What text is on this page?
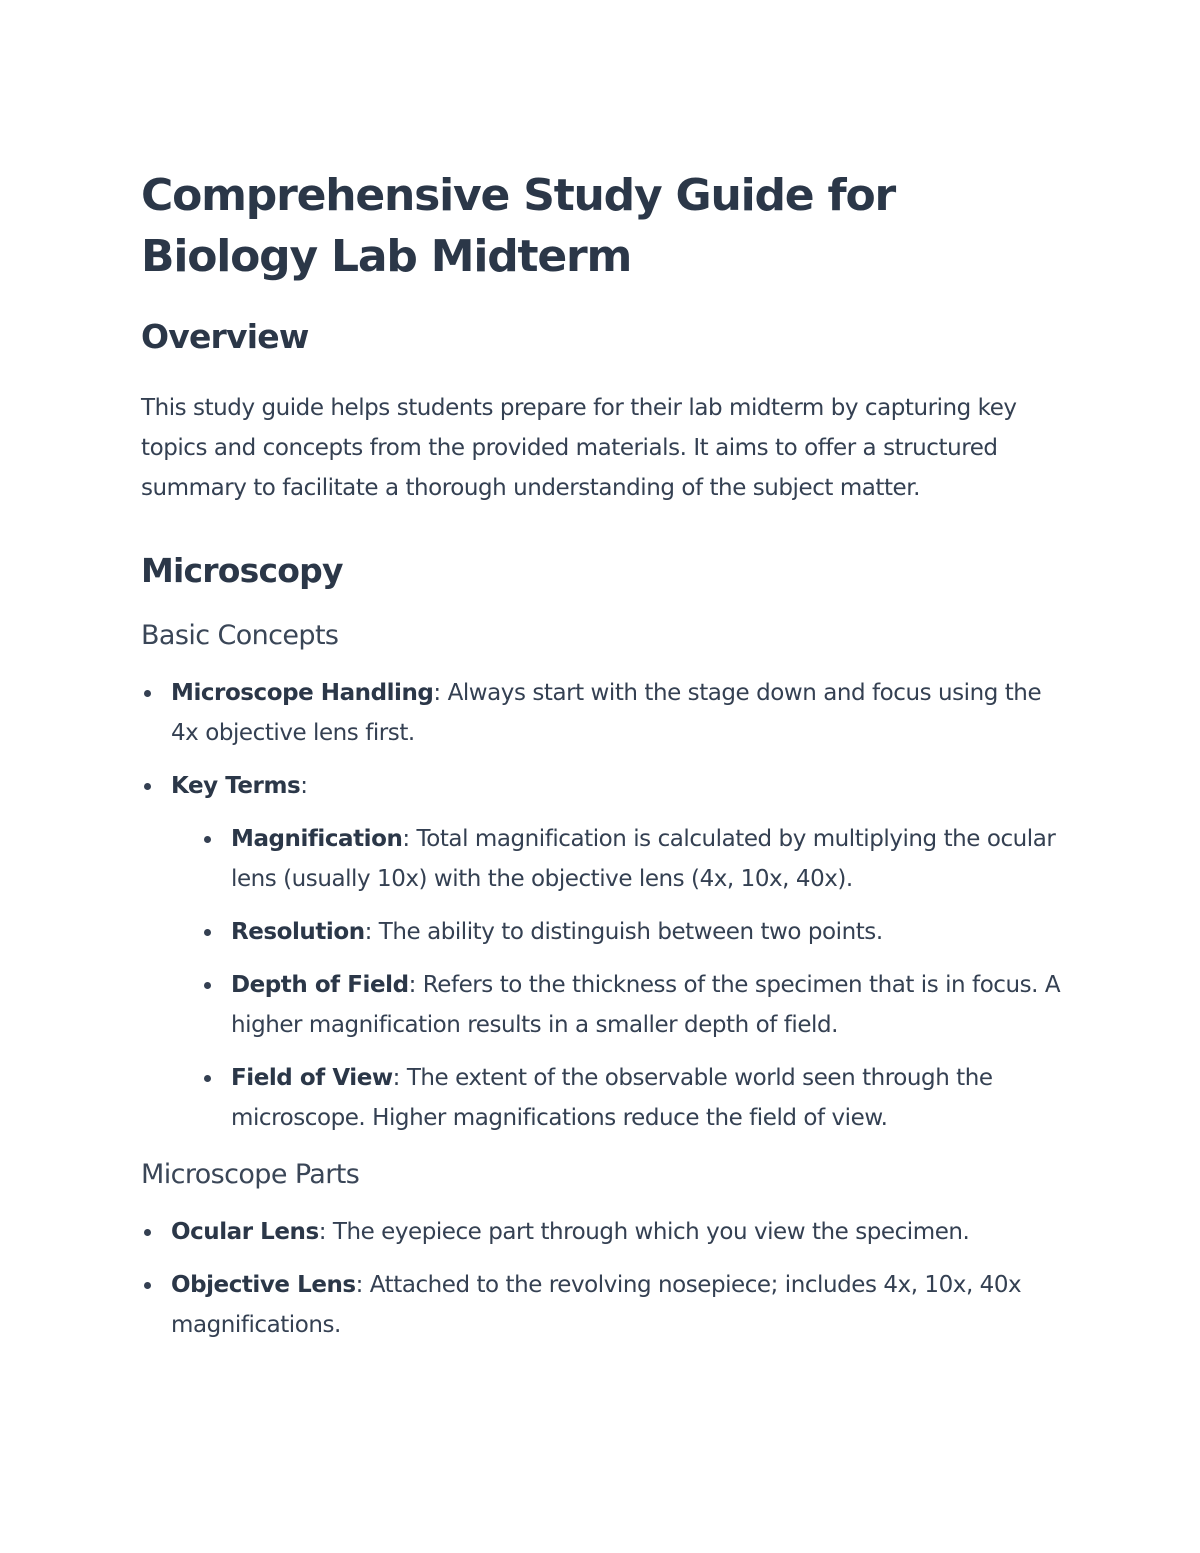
Comprehensive Study Guide for Biology Lab Midterm
Overview

This study guide helps students prepare for their lab midterm by capturing key topics and concepts from the provided materials. It aims to offer a structured summary to facilitate a thorough understanding of the subject matter.

Microscopy
Basic Concepts
Microscope Handling: Always start with the stage down and focus using the 4x objective lens first.
Key Terms:
Magnification: Total magnification is calculated by multiplying the ocular lens (usually 10x) with the objective lens (4x, 10x, 40x).
Resolution: The ability to distinguish between two points.
Depth of Field: Refers to the thickness of the specimen that is in focus. A higher magnification results in a smaller depth of field.
Field of View: The extent of the observable world seen through the microscope. Higher magnifications reduce the field of view.
Microscope Parts
Ocular Lens: The eyepiece part through which you view the specimen.
Objective Lens: Attached to the revolving nosepiece; includes 4x, 10x, 40x magnifications.
